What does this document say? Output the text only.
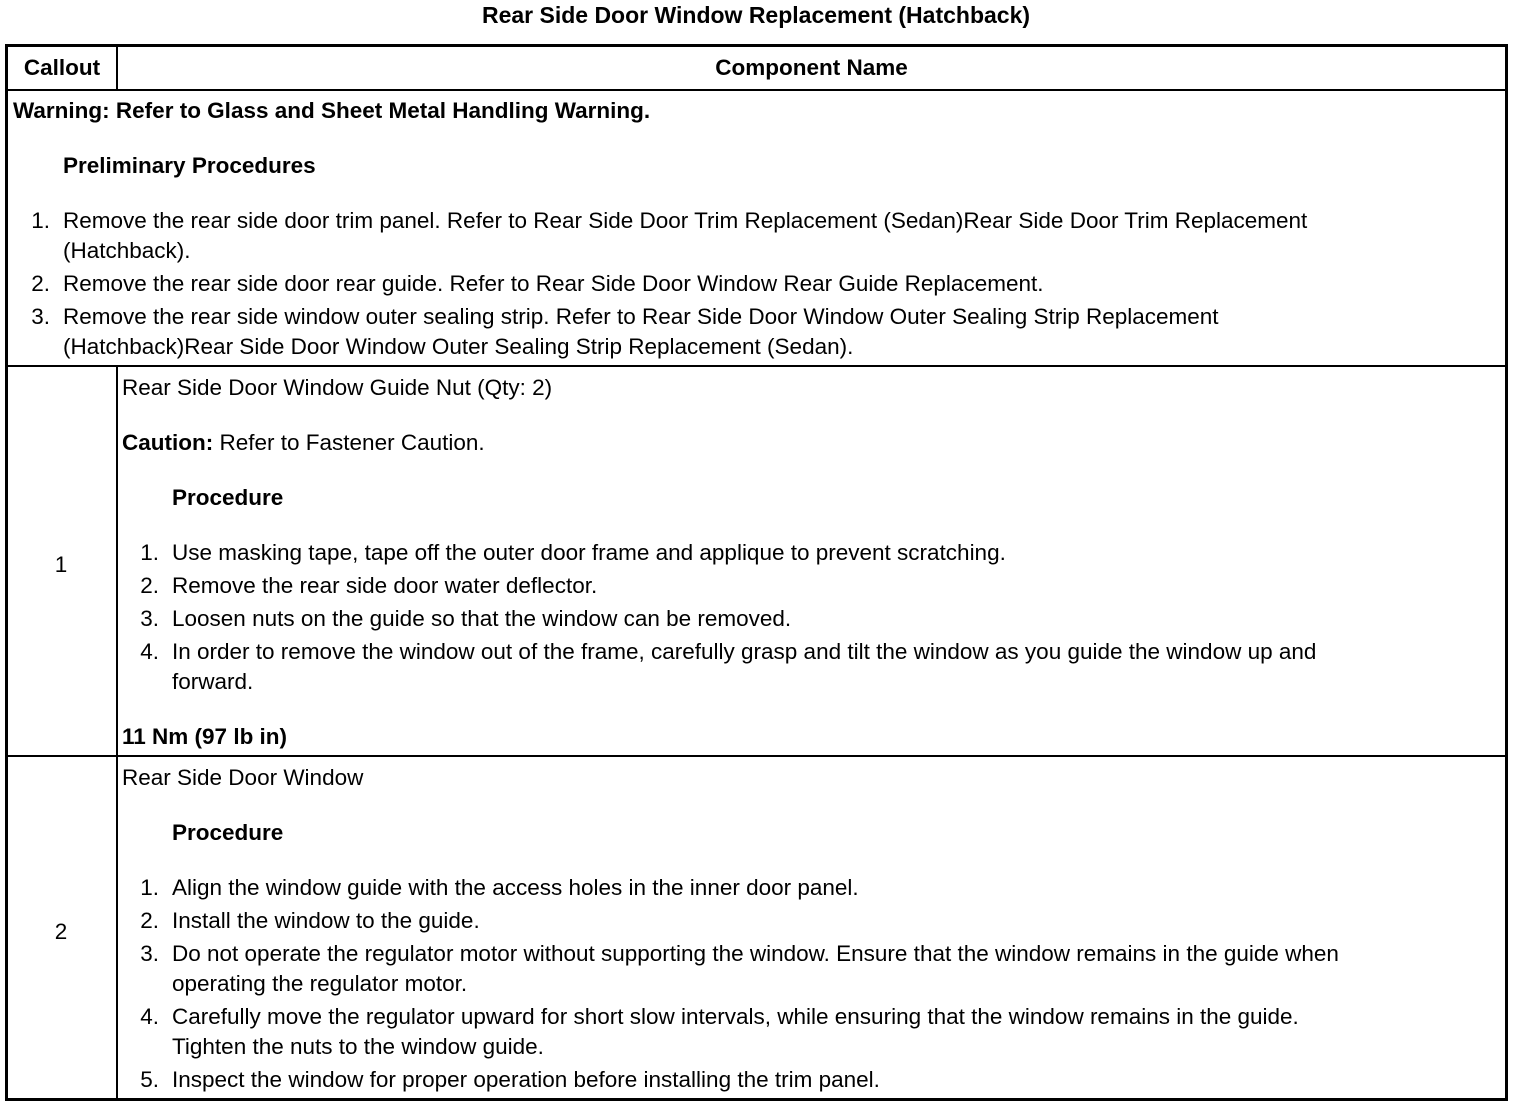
Rear Side Door Window Replacement (Hatchback)
Callout	Component Name
Warning: Refer to Glass and Sheet Metal Handling Warning.
Preliminary Procedures
1. Remove the rear side door trim panel. Refer to Rear Side Door Trim Replacement (Sedan)Rear Side Door Trim Replacement
(Hatchback).
2. Remove the rear side door rear guide. Refer to Rear Side Door Window Rear Guide Replacement.
3. Remove the rear side window outer sealing strip. Refer to Rear Side Door Window Outer Sealing Strip Replacement
(Hatchback)Rear Side Door Window Outer Sealing Strip Replacement (Sedan).
1
Rear Side Door Window Guide Nut (Qty: 2)
Caution: Refer to Fastener Caution.
Procedure
1. Use masking tape, tape off the outer door frame and applique to prevent scratching.
2. Remove the rear side door water deflector.
3. Loosen nuts on the guide so that the window can be removed.
4. In order to remove the window out of the frame, carefully grasp and tilt the window as you guide the window up and
forward.
11 Nm (97 lb in)
2
Rear Side Door Window
Procedure
1. Align the window guide with the access holes in the inner door panel.
2. Install the window to the guide.
3. Do not operate the regulator motor without supporting the window. Ensure that the window remains in the guide when
operating the regulator motor.
4. Carefully move the regulator upward for short slow intervals, while ensuring that the window remains in the guide.
Tighten the nuts to the window guide.
5. Inspect the window for proper operation before installing the trim panel.
